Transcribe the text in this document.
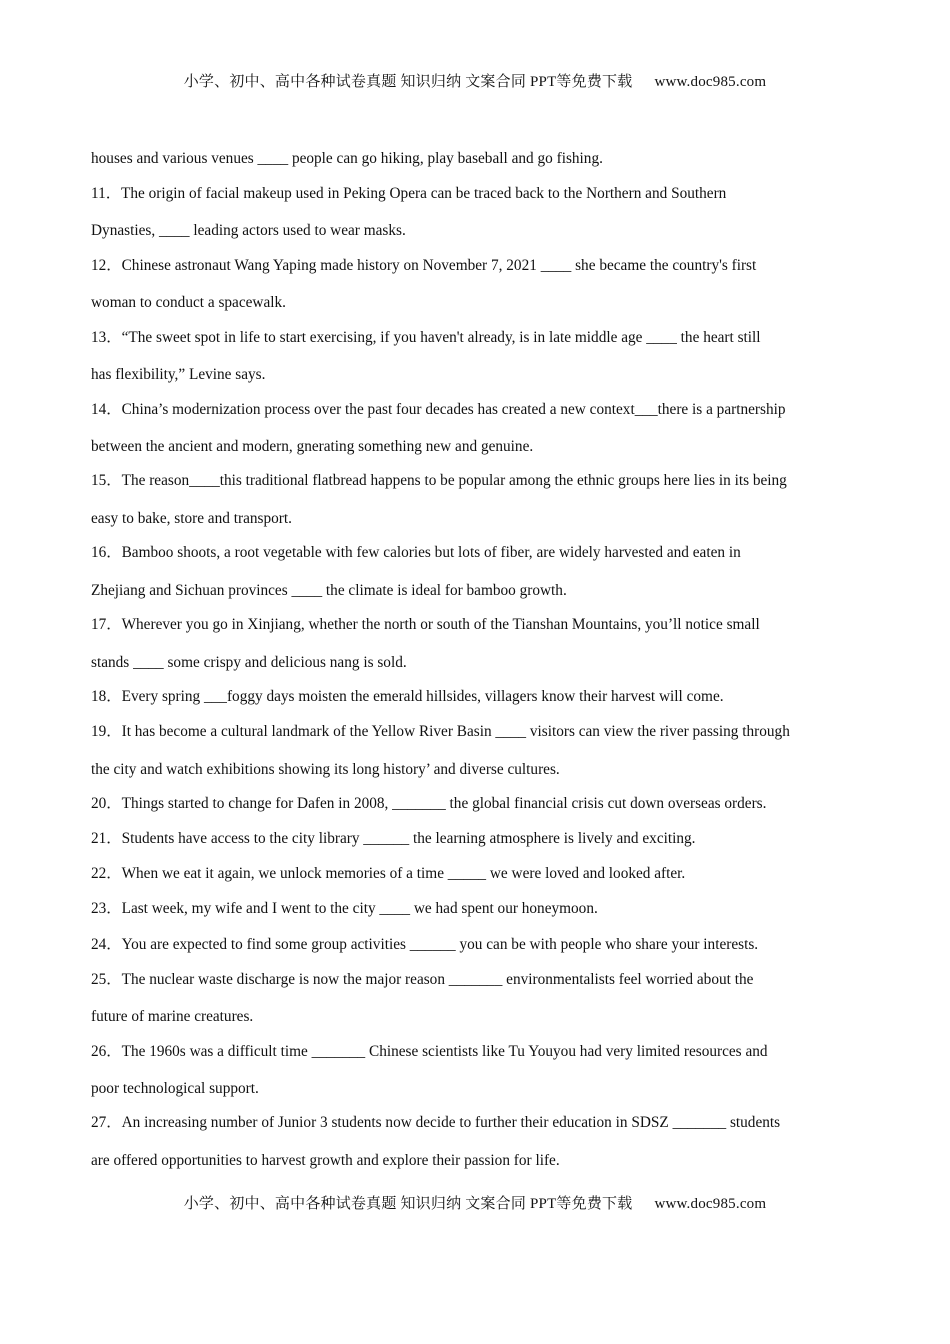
小学、初中、高中各种试卷真题 知识归纳 文案合同 PPT等免费下载 www.doc985.com
houses and various venues ____ people can go hiking, play baseball and go fishing.
11．The origin of facial makeup used in Peking Opera can be traced back to the Northern and Southern
Dynasties, ____ leading actors used to wear masks.
12．Chinese astronaut Wang Yaping made history on November 7, 2021 ____ she became the country's first
woman to conduct a spacewalk.
13．“The sweet spot in life to start exercising, if you haven't already, is in late middle age ____ the heart still
has flexibility,” Levine says.
14．China’s modernization process over the past four decades has created a new context___there is a partnership
between the ancient and modern, gnerating something new and genuine.
15．The reason____this traditional flatbread happens to be popular among the ethnic groups here lies in its being
easy to bake, store and transport.
16．Bamboo shoots, a root vegetable with few calories but lots of fiber, are widely harvested and eaten in
Zhejiang and Sichuan provinces ____ the climate is ideal for bamboo growth.
17．Wherever you go in Xinjiang, whether the north or south of the Tianshan Mountains, you’ll notice small
stands ____ some crispy and delicious nang is sold.
18．Every spring ___foggy days moisten the emerald hillsides, villagers know their harvest will come.
19．It has become a cultural landmark of the Yellow River Basin ____ visitors can view the river passing through
the city and watch exhibitions showing its long history’ and diverse cultures.
20．Things started to change for Dafen in 2008, _______ the global financial crisis cut down overseas orders.
21．Students have access to the city library ______ the learning atmosphere is lively and exciting.
22．When we eat it again, we unlock memories of a time _____ we were loved and looked after.
23．Last week, my wife and I went to the city ____ we had spent our honeymoon.
24．You are expected to find some group activities ______ you can be with people who share your interests.
25．The nuclear waste discharge is now the major reason _______ environmentalists feel worried about the
future of marine creatures.
26．The 1960s was a difficult time _______ Chinese scientists like Tu Youyou had very limited resources and
poor technological support.
27．An increasing number of Junior 3 students now decide to further their education in SDSZ _______ students
are offered opportunities to harvest growth and explore their passion for life.
小学、初中、高中各种试卷真题 知识归纳 文案合同 PPT等免费下载 www.doc985.com
